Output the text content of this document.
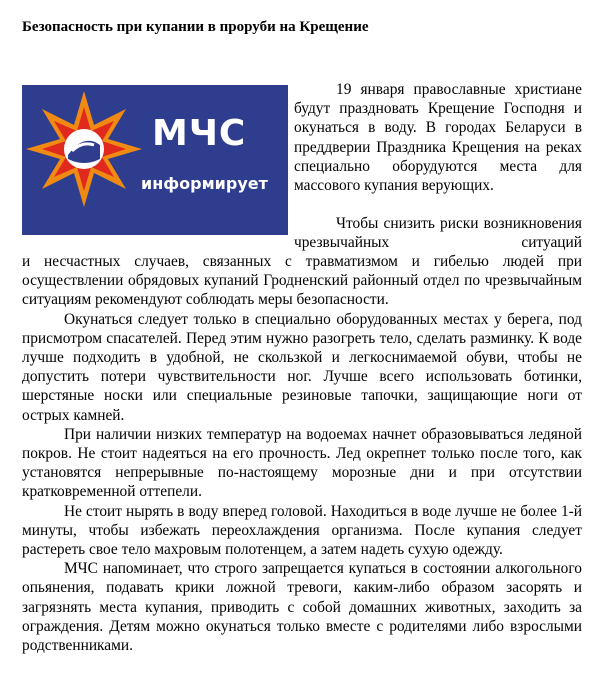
Безопасность при купании в проруби на Крещение
МЧС
информирует
19 января православные христиане будут праздновать Крещение Господня и окунаться в воду. В городах Беларуси в преддверии Праздника Крещения на реках специально оборудуются места для массового купания верующих.
Чтобы снизить риски возникновения чрезвычайных ситуаций

и несчастных случаев, связанных с травматизмом и гибелью людей при осуществлении обрядовых купаний Гродненский районный отдел по чрезвычайным ситуациям рекомендуют соблюдать меры безопасности.

Окунаться следует только в специально оборудованных местах у берега, под присмотром спасателей. Перед этим нужно разогреть тело, сделать разминку. К воде лучше подходить в удобной, не скользкой и легкоснимаемой обуви, чтобы не допустить потери чувствительности ног. Лучше всего использовать ботинки, шерстяные носки или специальные резиновые тапочки, защищающие ноги от острых камней.

При наличии низких температур на водоемах начнет образовываться ледяной покров. Не стоит надеяться на его прочность. Лед окрепнет только после того, как установятся непрерывные по-настоящему морозные дни и при отсутствии кратковременной оттепели.

Не стоит нырять в воду вперед головой. Находиться в воде лучше не более 1-й минуты, чтобы избежать переохлаждения организма. После купания следует растереть свое тело махровым полотенцем, а затем надеть сухую одежду.

МЧС напоминает, что строго запрещается купаться в состоянии алкогольного опьянения, подавать крики ложной тревоги, каким-либо образом засорять и загрязнять места купания, приводить с собой домашних животных, заходить за ограждения. Детям можно окунаться только вместе с родителями либо взрослыми родственниками.
